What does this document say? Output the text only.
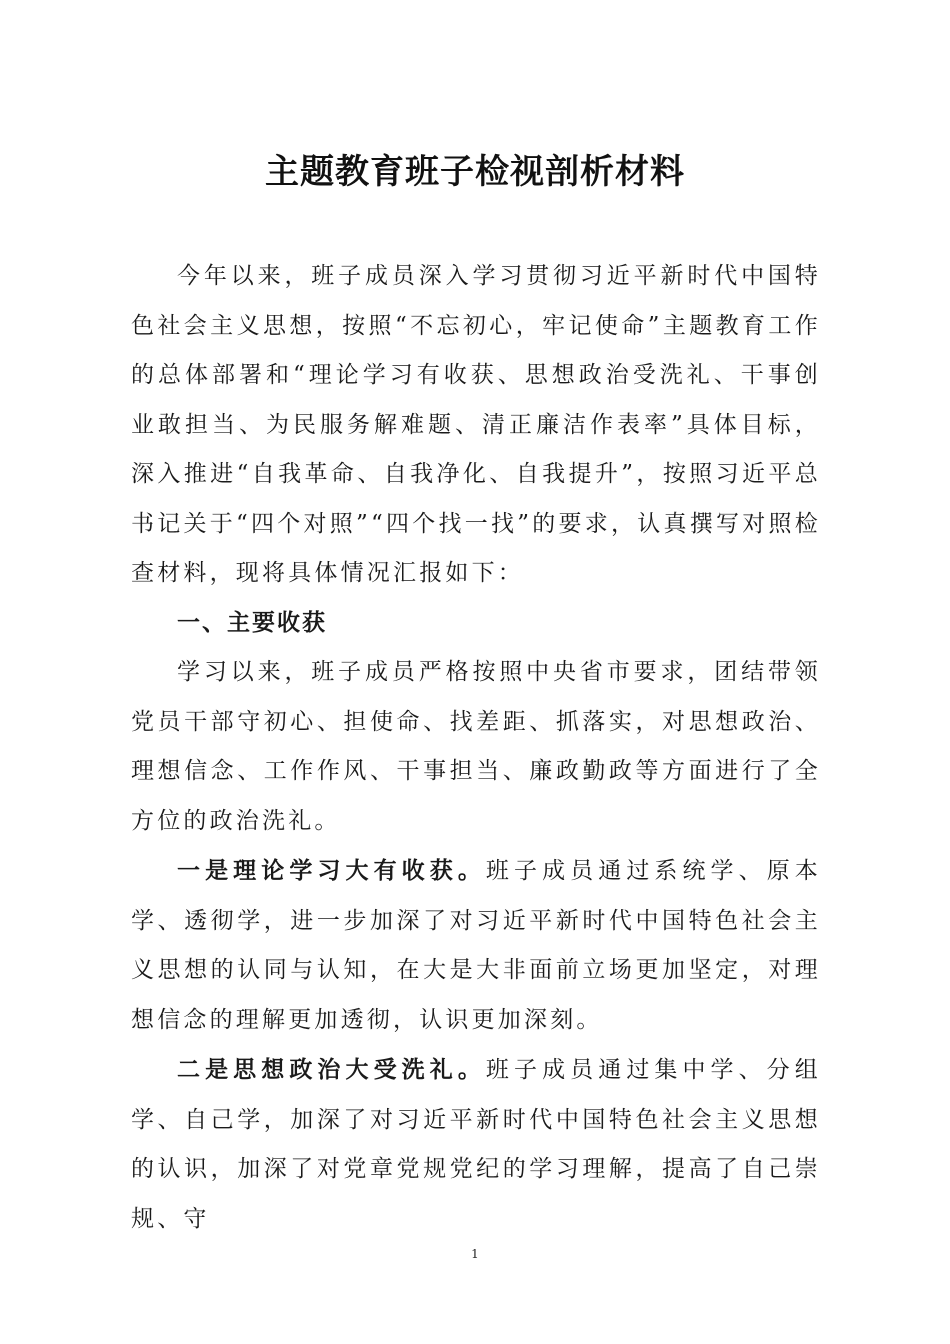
主题教育班子检视剖析材料

今年以来，班子成员深入学习贯彻习近平新时代中国特色社会主义思想，按照“不忘初心，牢记使命”主题教育工作的总体部署和“理论学习有收获、思想政治受洗礼、干事创业敢担当、为民服务解难题、清正廉洁作表率”具体目标，深入推进“自我革命、自我净化、自我提升”，按照习近平总书记关于“四个对照”“四个找一找”的要求，认真撰写对照检查材料，现将具体情况汇报如下：

一、主要收获

学习以来，班子成员严格按照中央省市要求，团结带领党员干部守初心、担使命、找差距、抓落实，对思想政治、理想信念、工作作风、干事担当、廉政勤政等方面进行了全方位的政治洗礼。

一是理论学习大有收获。班子成员通过系统学、原本学、透彻学，进一步加深了对习近平新时代中国特色社会主义思想的认同与认知，在大是大非面前立场更加坚定，对理想信念的理解更加透彻，认识更加深刻。

二是思想政治大受洗礼。班子成员通过集中学、分组学、自己学，加深了对习近平新时代中国特色社会主义思想的认识，加深了对党章党规党纪的学习理解，提高了自己崇规、守

1
